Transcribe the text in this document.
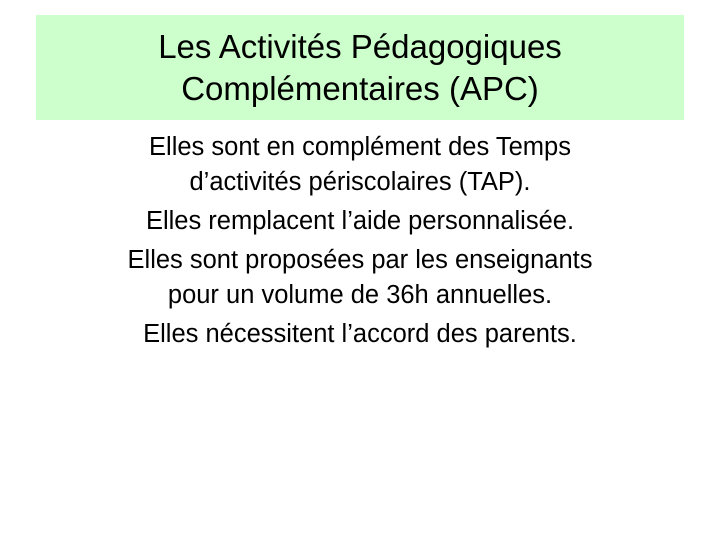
Les Activités Pédagogiques
Complémentaires (APC)
Elles sont en complément des Temps
d’activités périscolaires (TAP).
Elles remplacent l’aide personnalisée.
Elles sont proposées par les enseignants
pour un volume de 36h annuelles.
Elles nécessitent l’accord des parents.
